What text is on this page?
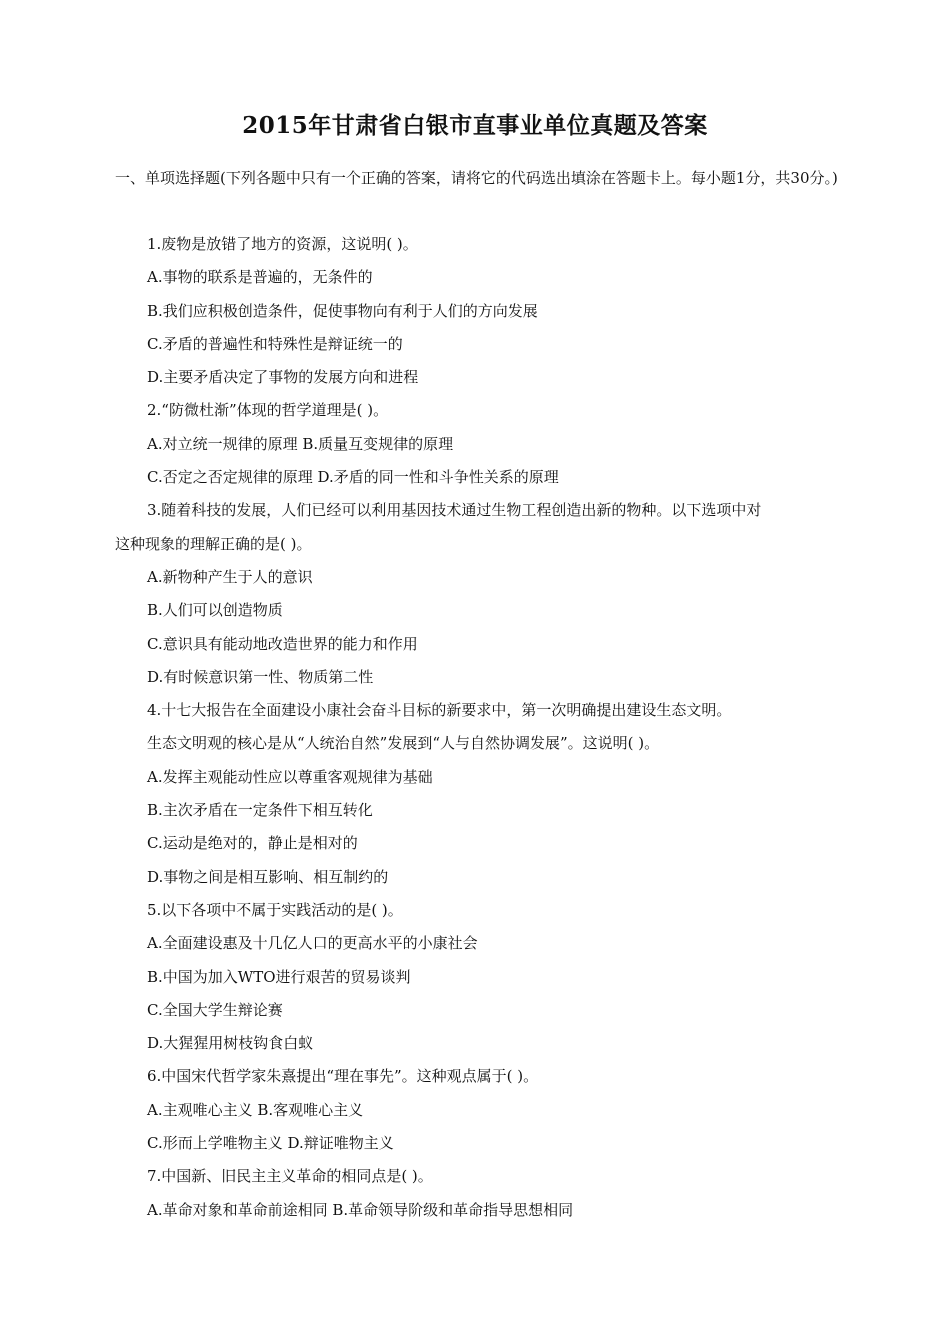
2015年甘肃省白银市直事业单位真题及答案
一、单项选择题(下列各题中只有一个正确的答案，请将它的代码选出填涂在答题卡上。每小题1分，共30分。)
1.废物是放错了地方的资源，这说明( )。
A.事物的联系是普遍的，无条件的
B.我们应积极创造条件，促使事物向有利于人们的方向发展
C.矛盾的普遍性和特殊性是辩证统一的
D.主要矛盾决定了事物的发展方向和进程
2.“防微杜渐”体现的哲学道理是( )。
A.对立统一规律的原理 B.质量互变规律的原理
C.否定之否定规律的原理 D.矛盾的同一性和斗争性关系的原理
3.随着科技的发展，人们已经可以利用基因技术通过生物工程创造出新的物种。以下选项中对
这种现象的理解正确的是( )。
A.新物种产生于人的意识
B.人们可以创造物质
C.意识具有能动地改造世界的能力和作用
D.有时候意识第一性、物质第二性
4.十七大报告在全面建设小康社会奋斗目标的新要求中，第一次明确提出建设生态文明。
生态文明观的核心是从“人统治自然”发展到“人与自然协调发展”。这说明( )。
A.发挥主观能动性应以尊重客观规律为基础
B.主次矛盾在一定条件下相互转化
C.运动是绝对的，静止是相对的
D.事物之间是相互影响、相互制约的
5.以下各项中不属于实践活动的是( )。
A.全面建设惠及十几亿人口的更高水平的小康社会
B.中国为加入WTO进行艰苦的贸易谈判
C.全国大学生辩论赛
D.大猩猩用树枝钩食白蚁
6.中国宋代哲学家朱熹提出“理在事先”。这种观点属于( )。
A.主观唯心主义 B.客观唯心主义
C.形而上学唯物主义 D.辩证唯物主义
7.中国新、旧民主主义革命的相同点是( )。
A.革命对象和革命前途相同 B.革命领导阶级和革命指导思想相同
